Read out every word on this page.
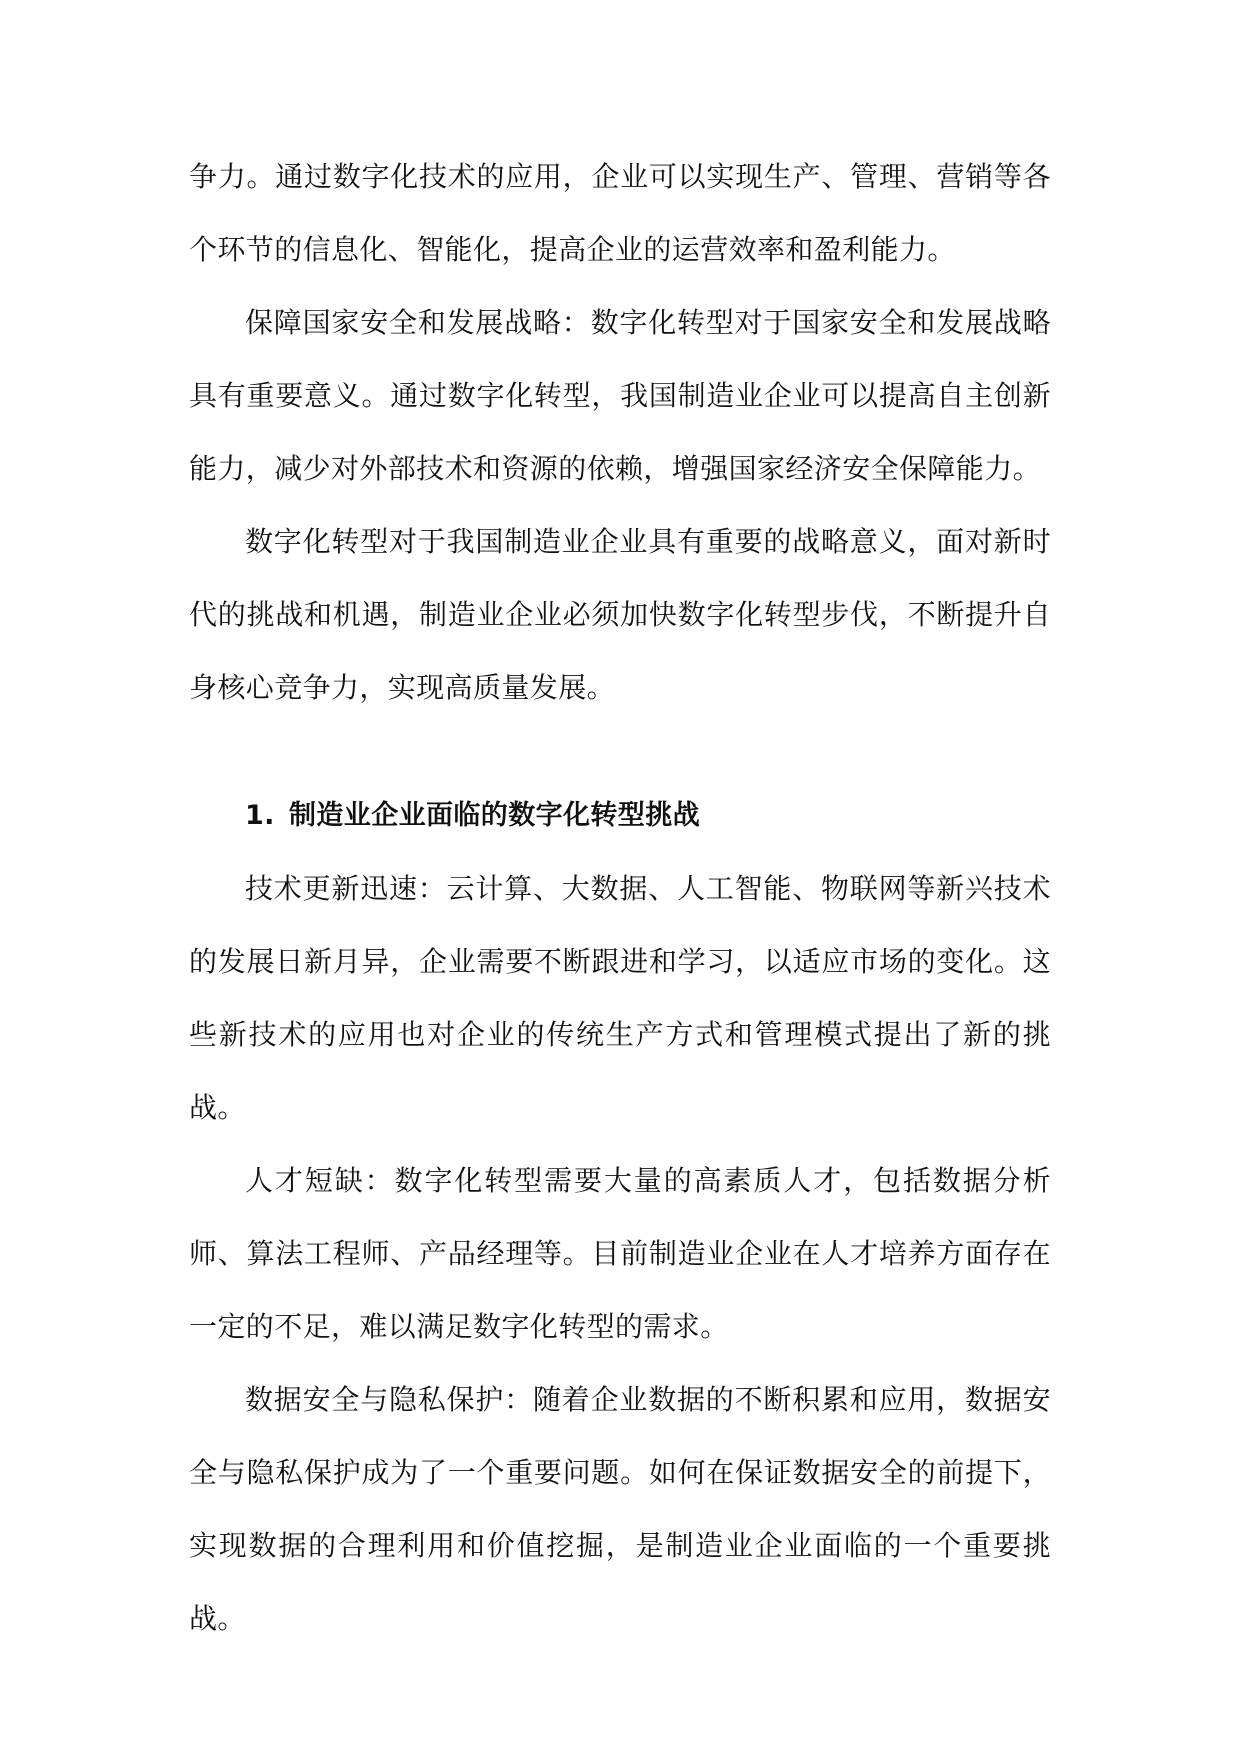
争力。通过数字化技术的应用，企业可以实现生产、管理、营销等各个环节的信息化、智能化，提高企业的运营效率和盈利能力。

保障国家安全和发展战略：数字化转型对于国家安全和发展战略具有重要意义。通过数字化转型，我国制造业企业可以提高自主创新能力，减少对外部技术和资源的依赖，增强国家经济安全保障能力。

数字化转型对于我国制造业企业具有重要的战略意义，面对新时代的挑战和机遇，制造业企业必须加快数字化转型步伐，不断提升自身核心竞争力，实现高质量发展。

1. 制造业企业面临的数字化转型挑战

技术更新迅速：云计算、大数据、人工智能、物联网等新兴技术的发展日新月异，企业需要不断跟进和学习，以适应市场的变化。这些新技术的应用也对企业的传统生产方式和管理模式提出了新的挑战。

人才短缺：数字化转型需要大量的高素质人才，包括数据分析师、算法工程师、产品经理等。目前制造业企业在人才培养方面存在一定的不足，难以满足数字化转型的需求。

数据安全与隐私保护：随着企业数据的不断积累和应用，数据安全与隐私保护成为了一个重要问题。如何在保证数据安全的前提下，实现数据的合理利用和价值挖掘，是制造业企业面临的一个重要挑战。
